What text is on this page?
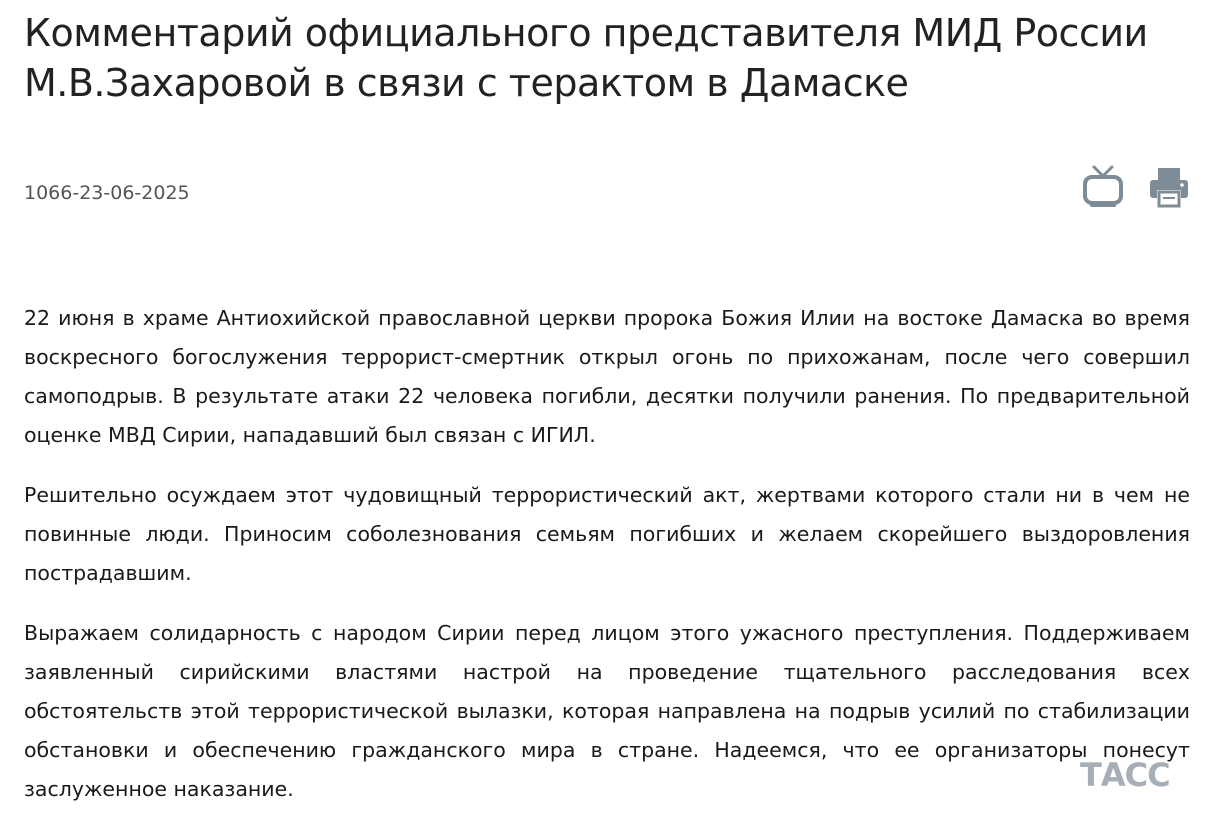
Комментарий официального представителя МИД России М.В.Захаровой в связи с терактом в Дамаске
1066-23-06-2025

22 июня в храме Антиохийской православной церкви пророка Божия Илии на востоке Дамаска во время воскресного богослужения террорист-смертник открыл огонь по прихожанам, после чего совершил самоподрыв. В результате атаки 22 человека погибли, десятки получили ранения. По предварительной оценке МВД Сирии, нападавший был связан с ИГИЛ.

Решительно осуждаем этот чудовищный террористический акт, жертвами которого стали ни в чем не повинные люди. Приносим соболезнования семьям погибших и желаем скорейшего выздоровления пострадавшим.

Выражаем солидарность с народом Сирии перед лицом этого ужасного преступления. Поддерживаем заявленный сирийскими властями настрой на проведение тщательного расследования всех обстоятельств этой террористической вылазки, которая направлена на подрыв усилий по стабилизации обстановки и обеспечению гражданского мира в стране. Надеемся, что ее организаторы понесут заслуженное наказание.	ТАСС
